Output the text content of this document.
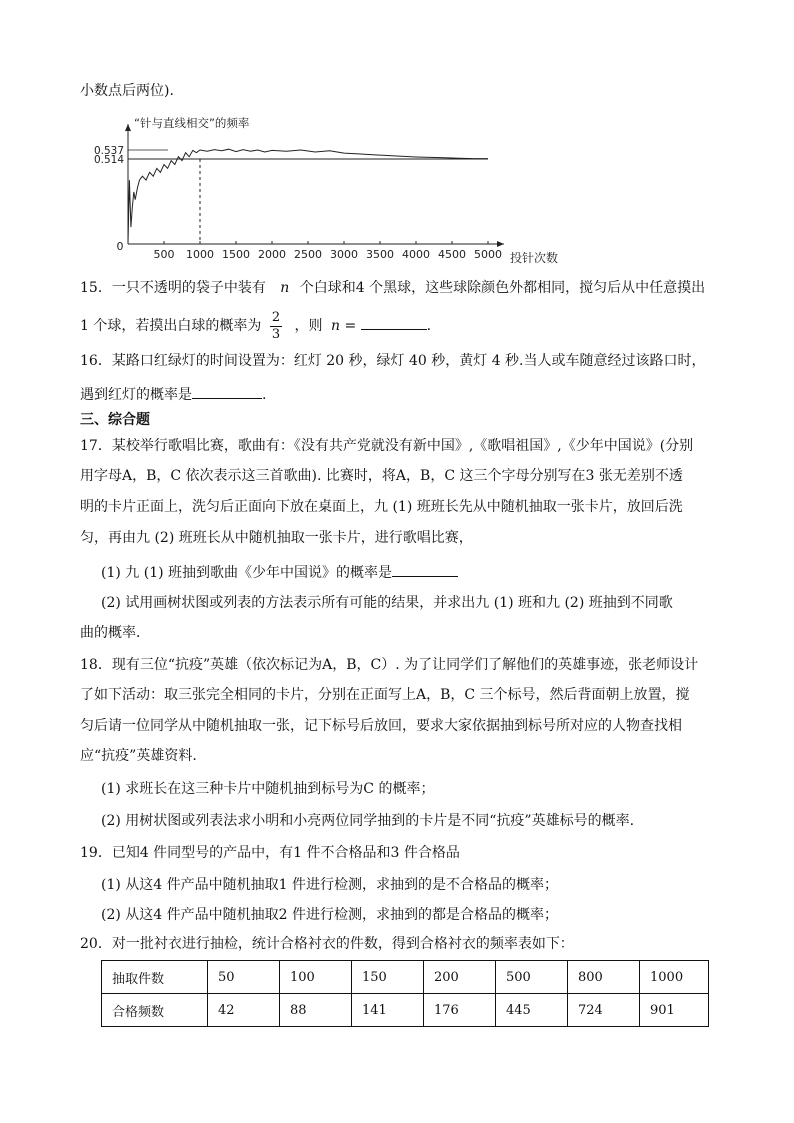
小数点后两位).
“针与直线相交”的频率
投针次数
0
500 1000 1500 2000 2500 3000 3500 4000 4500 5000
0.537
0.514
15．一只不透明的袋子中装有 n 个白球和4 个黑球，这些球除颜色外都相同，搅匀后从中任意摸出
1 个球，若摸出白球的概率为 $\frac{2}{3}$ ，则 n =	.
16．某路口红绿灯的时间设置为：红灯 20 秒，绿灯 40 秒，黄灯 4 秒.当人或车随意经过该路口时，
遇到红灯的概率是	.
三、综合题
17．某校举行歌唱比赛，歌曲有：《没有共产党就没有新中国》,《歌唱祖国》,《少年中国说》(分别
用字母A，B，C 依次表示这三首歌曲). 比赛时，将A，B，C 这三个字母分别写在3 张无差别不透
明的卡片正面上，洗匀后正面向下放在桌面上，九 (1) 班班长先从中随机抽取一张卡片，放回后洗
匀，再由九 (2) 班班长从中随机抽取一张卡片，进行歌唱比赛，
(1) 九 (1) 班抽到歌曲《少年中国说》的概率是
(2) 试用画树状图或列表的方法表示所有可能的结果，并求出九 (1) 班和九 (2) 班抽到不同歌
曲的概率．
18．现有三位“抗疫”英雄（依次标记为A，B，C）. 为了让同学们了解他们的英雄事迹，张老师设计
了如下活动：取三张完全相同的卡片，分别在正面写上A，B，C 三个标号，然后背面朝上放置，搅
匀后请一位同学从中随机抽取一张，记下标号后放回，要求大家依据抽到标号所对应的人物查找相
应“抗疫”英雄资料.
(1) 求班长在这三种卡片中随机抽到标号为C 的概率；
(2) 用树状图或列表法求小明和小亮两位同学抽到的卡片是不同“抗疫”英雄标号的概率.
19．已知4 件同型号的产品中，有1 件不合格品和3 件合格品
(1) 从这4 件产品中随机抽取1 件进行检测，求抽到的是不合格品的概率；
(2) 从这4 件产品中随机抽取2 件进行检测，求抽到的都是合格品的概率；
20．对一批衬衣进行抽检，统计合格衬衣的件数，得到合格衬衣的频率表如下：
抽取件数	50	100	150	200	500	800	1000
合格频数	42	88	141	176	445	724	901
